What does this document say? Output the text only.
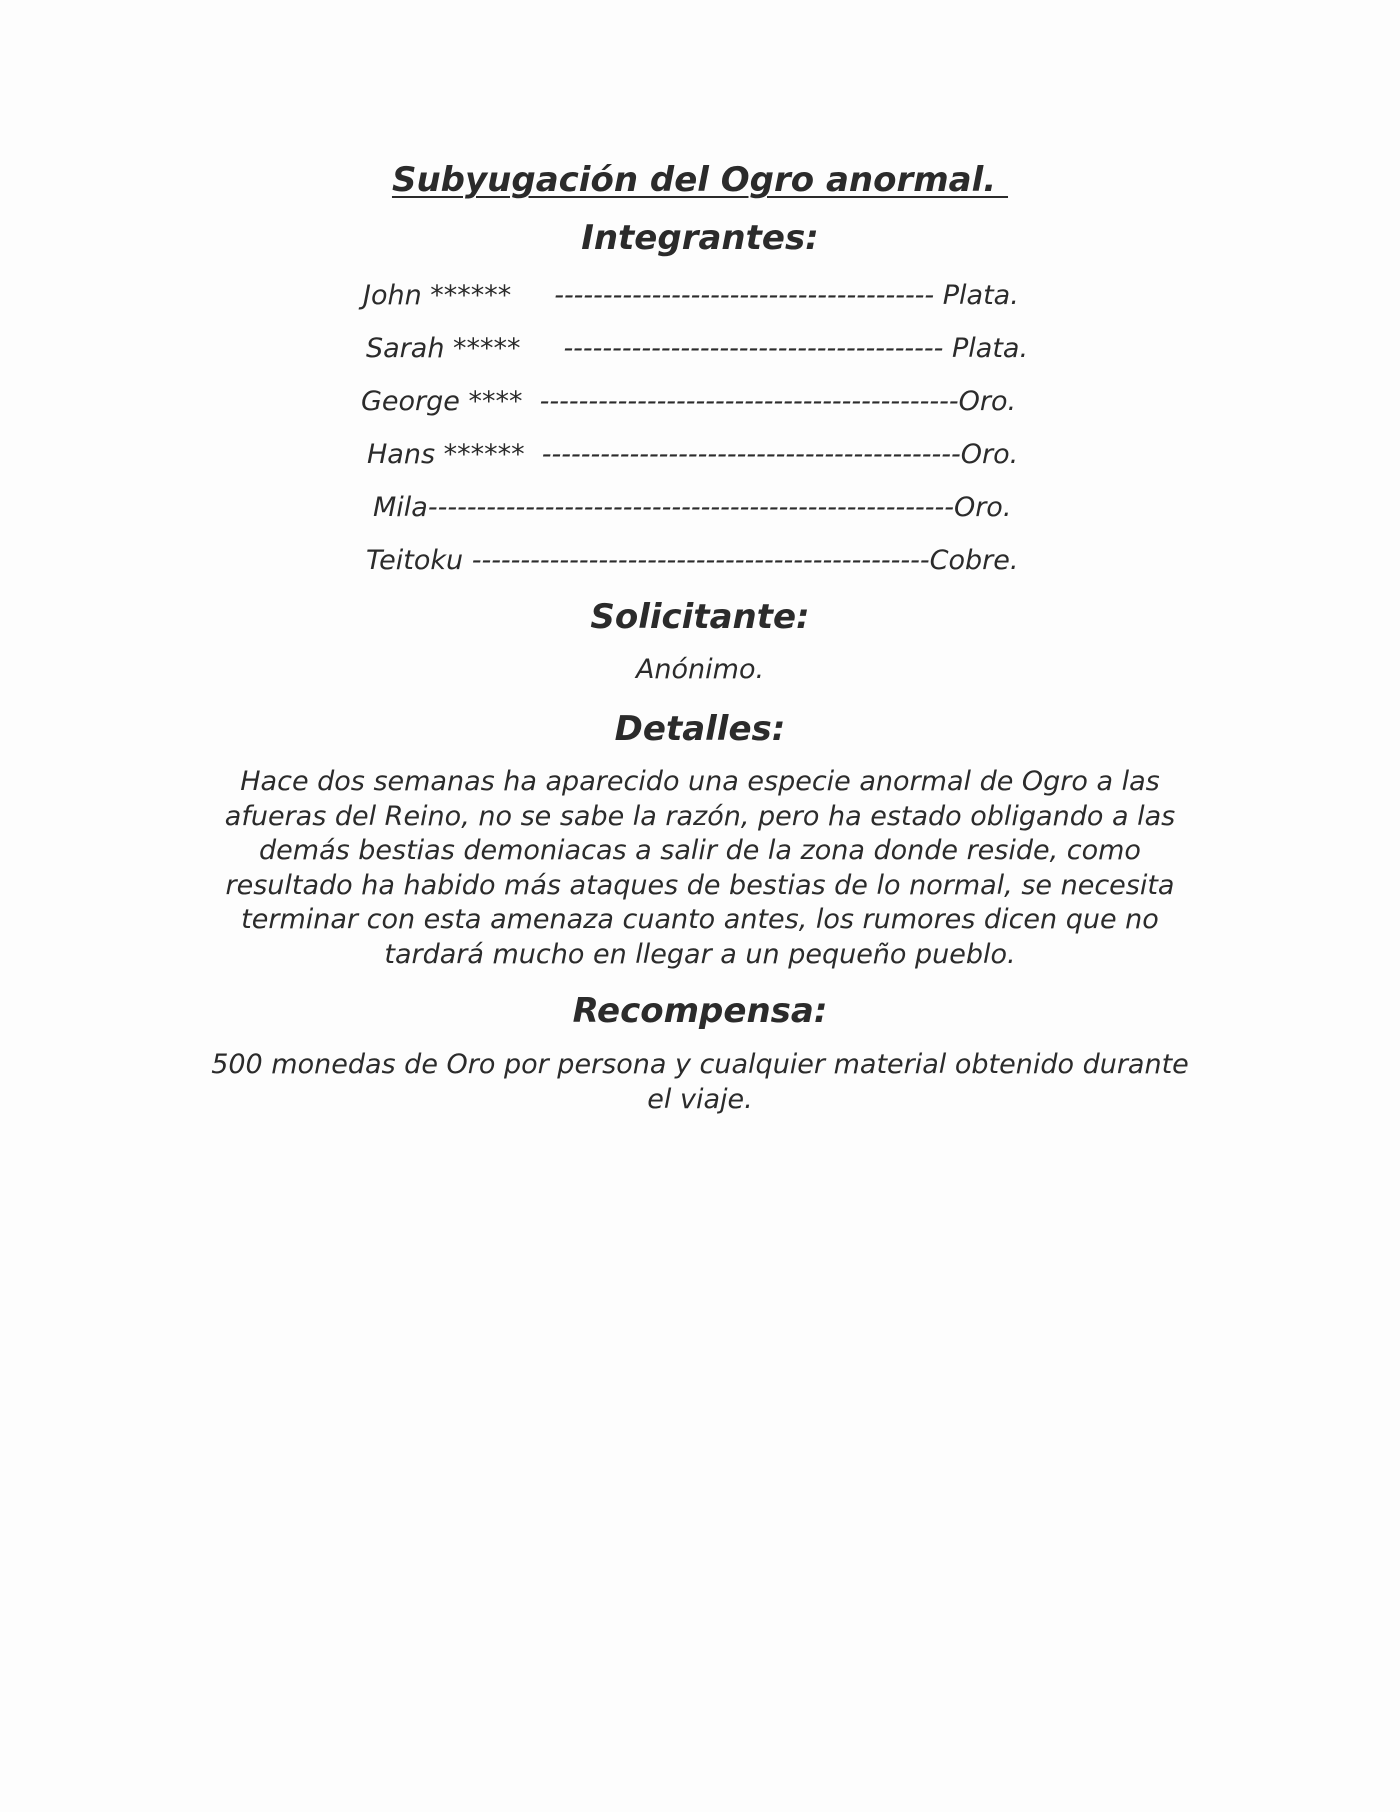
Subyugación del Ogro anormal.
Integrantes:

John ******     --------------------------------------- Plata.

Sarah *****     --------------------------------------- Plata.

George ****  -------------------------------------------Oro.

Hans ******  -------------------------------------------Oro.

Mila------------------------------------------------------Oro.

Teitoku -----------------------------------------------Cobre.

Solicitante:

Anónimo.

Detalles:

Hace dos semanas ha aparecido una especie anormal de Ogro a las
afueras del Reino, no se sabe la razón, pero ha estado obligando a las
demás bestias demoniacas a salir de la zona donde reside, como
resultado ha habido más ataques de bestias de lo normal, se necesita
terminar con esta amenaza cuanto antes, los rumores dicen que no
tardará mucho en llegar a un pequeño pueblo.

Recompensa:

500 monedas de Oro por persona y cualquier material obtenido durante
el viaje.
